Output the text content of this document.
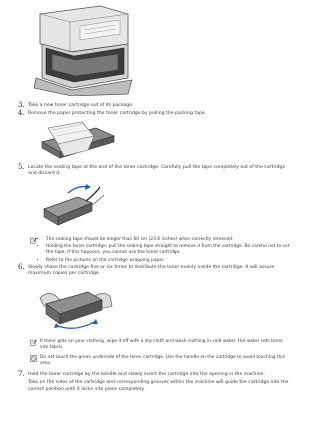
3. Take a new toner cartridge out of its package.
4. Remove the paper protecting the toner cartridge by pulling the packing tape.
5. Locate the sealing tape at the end of the toner cartridge. Carefully pull the tape completely out of the cartridge and discard it.
• The sealing tape should be longer than 60 cm (23.6 inches) when correctly removed.
• Holding the toner cartridge, pull the sealing tape straight to remove it from the cartridge. Be careful not to cut the tape. If this happens, you cannot use the toner cartridge.
• Refer to the pictures on the cartridge wrapping paper.
6. Slowly shake the cartridge five or six times to distribute the toner evenly inside the cartridge. It will assure maximum copies per cartridge.
If toner gets on your clothing, wipe it off with a dry cloth and wash clothing in cold water. Hot water sets toner into fabric.
Do not touch the green underside of the toner cartridge. Use the handle on the cartridge to avoid touching this area.
7. Hold the toner cartridge by the handle and slowly insert the cartridge into the opening in the machine.
Tabs on the sides of the cartridge and corresponding grooves within the machine will guide the cartridge into the correct position until it locks into place completely.
